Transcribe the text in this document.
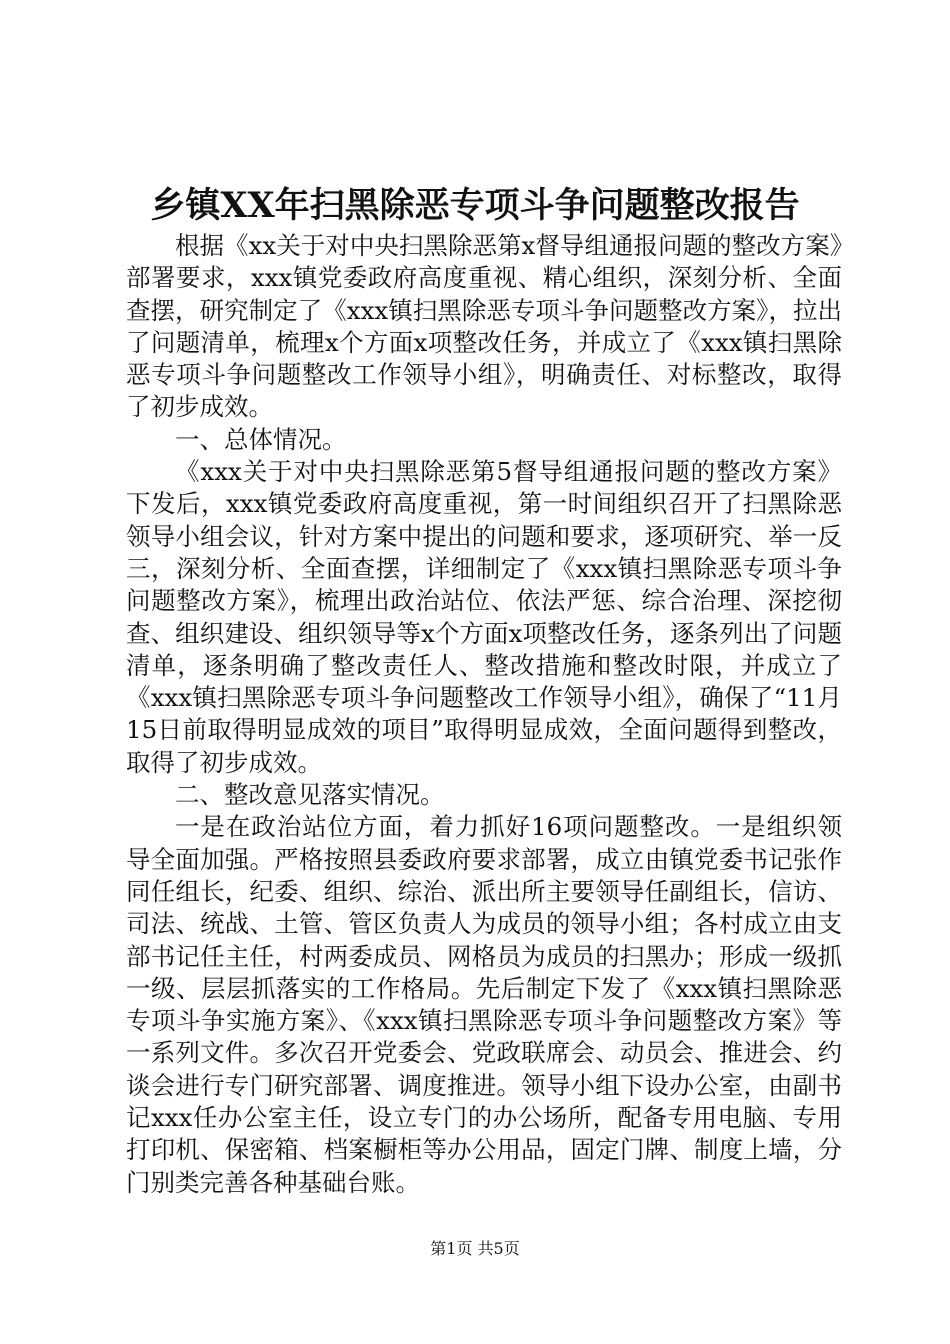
乡镇XX年扫黑除恶专项斗争问题整改报告

根据《xx关于对中央扫黑除恶第x督导组通报问题的整改方案》部署要求，xxx镇党委政府高度重视、精心组织，深刻分析、全面查摆，研究制定了《xxx镇扫黑除恶专项斗争问题整改方案》，拉出了问题清单，梳理x个方面x项整改任务，并成立了《xxx镇扫黑除恶专项斗争问题整改工作领导小组》，明确责任、对标整改，取得了初步成效。

一、总体情况。

《xxx关于对中央扫黑除恶第5督导组通报问题的整改方案》下发后，xxx镇党委政府高度重视，第一时间组织召开了扫黑除恶领导小组会议，针对方案中提出的问题和要求，逐项研究、举一反三，深刻分析、全面查摆，详细制定了《xxx镇扫黑除恶专项斗争问题整改方案》，梳理出政治站位、依法严惩、综合治理、深挖彻查、组织建设、组织领导等x个方面x项整改任务，逐条列出了问题清单，逐条明确了整改责任人、整改措施和整改时限，并成立了《xxx镇扫黑除恶专项斗争问题整改工作领导小组》，确保了“11月15日前取得明显成效的项目”取得明显成效，全面问题得到整改，取得了初步成效。

二、整改意见落实情况。

一是在政治站位方面，着力抓好16项问题整改。一是组织领导全面加强。严格按照县委政府要求部署，成立由镇党委书记张作同任组长，纪委、组织、综治、派出所主要领导任副组长，信访、司法、统战、土管、管区负责人为成员的领导小组；各村成立由支部书记任主任，村两委成员、网格员为成员的扫黑办；形成一级抓一级、层层抓落实的工作格局。先后制定下发了《xxx镇扫黑除恶专项斗争实施方案》、《xxx镇扫黑除恶专项斗争问题整改方案》等一系列文件。多次召开党委会、党政联席会、动员会、推进会、约谈会进行专门研究部署、调度推进。领导小组下设办公室，由副书记xxx任办公室主任，设立专门的办公场所，配备专用电脑、专用打印机、保密箱、档案橱柜等办公用品，固定门牌、制度上墙，分门别类完善各种基础台账。

第1页 共5页
